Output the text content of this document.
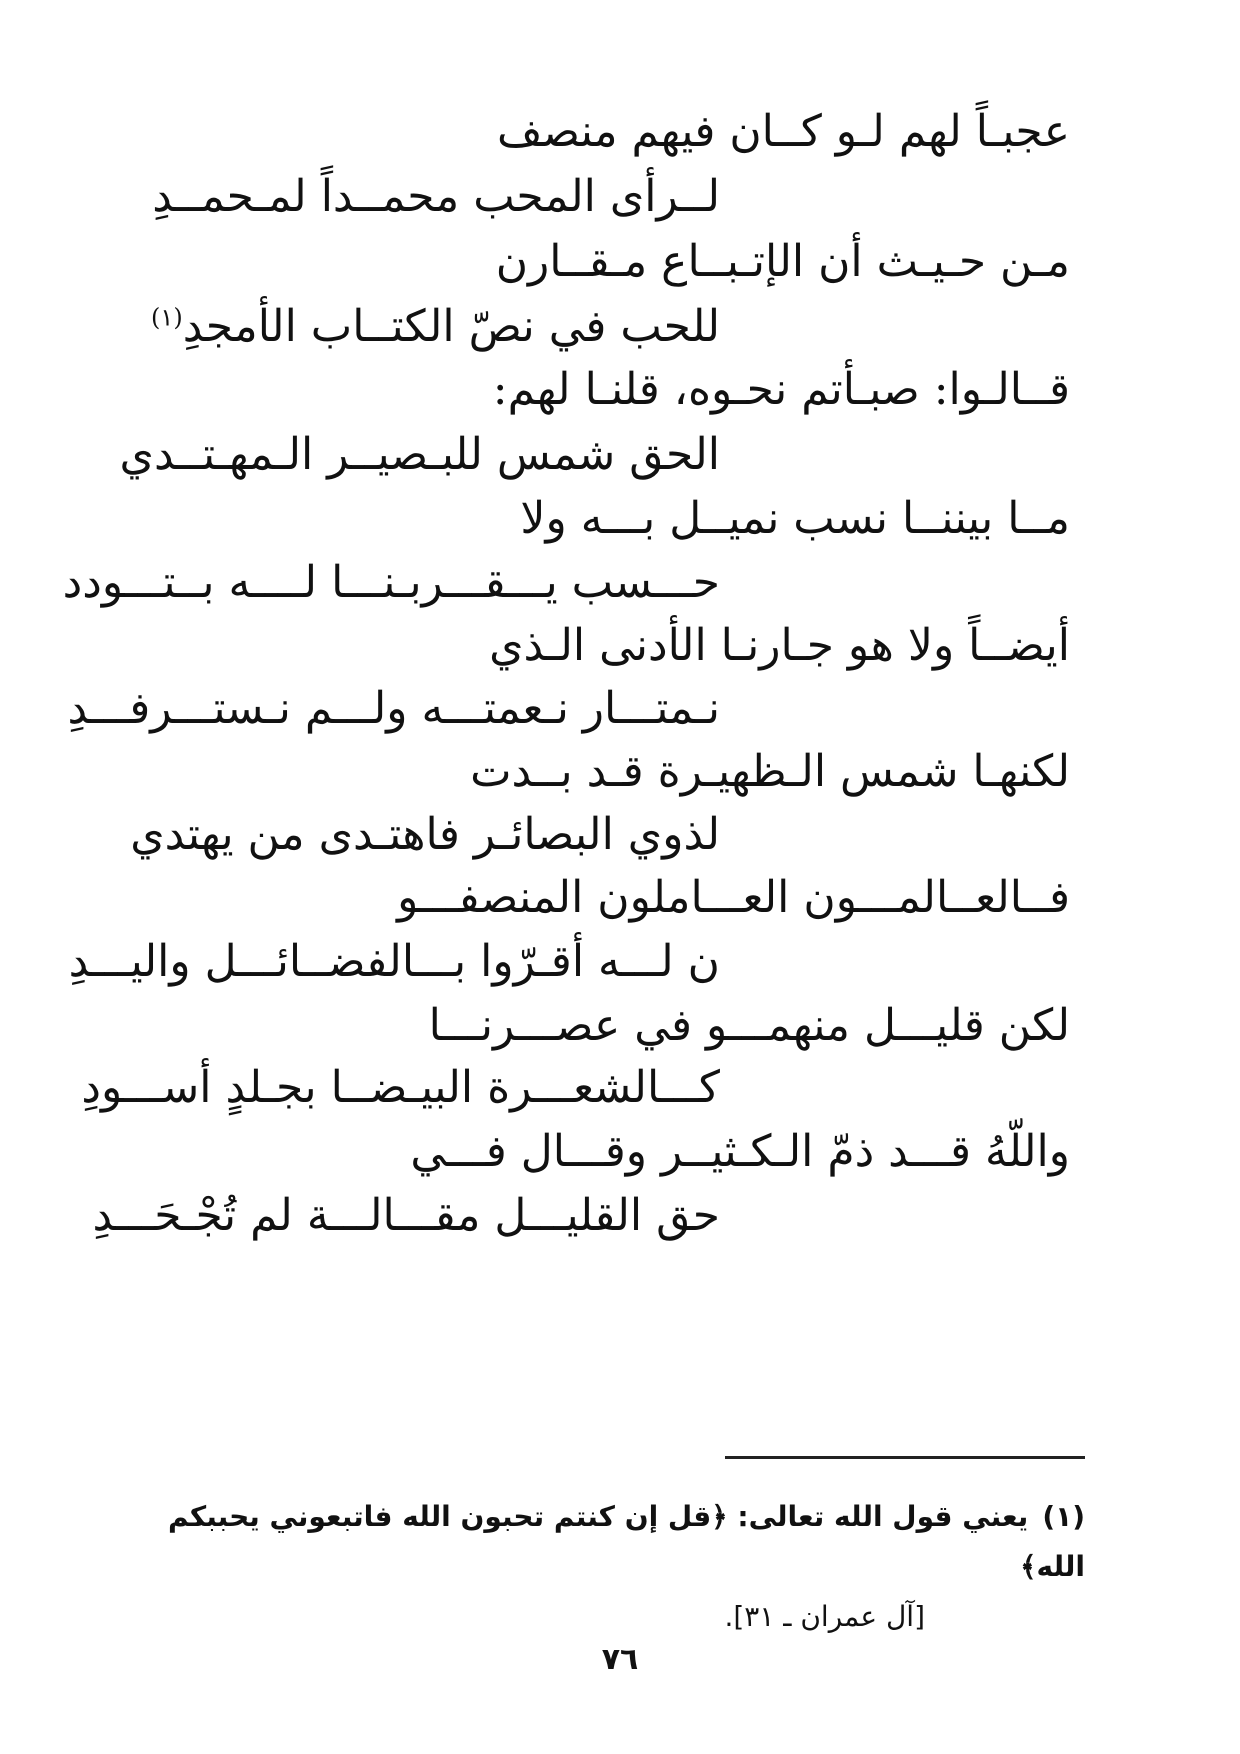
عجبـاً لهم لـو كــان فيهم منصف
لــرأى المحب محمــداً لمـحمــدِ
مـن حـيـث أن الإتـبــاع مـقــارن
للحب في نصّ الكتــاب الأمجدِ$^{(١)}$
قــالـوا: صبـأتم نحـوه، قلنـا لهم:
الحق شمس للبـصيــر الـمهـتــدي
مــا بيننــا نسب نميــل بـــه ولا
حـــسب يـــقـــربـنـــا لــــه بــتـــودد
أيضــاً ولا هو جـارنـا الأدنى الـذي
نـمتـــار نـعمتـــه ولـــم نـستـــرفـــدِ
لكنهـا شمس الـظهيـرة قـد بــدت
لذوي البصائـر فاهتـدى من يهتدي
فــالعــالمـــون العـــاملون المنصفـــو
ن لـــه أقـرّوا بـــالفضــائـــل واليـــدِ
لكن قليـــل منهمـــو في عصـــرنـــا
كـــالشعـــرة البيـضــا بجـلدٍ أســـودِ
واللّهُ قـــد ذمّ الـكـثيــر وقـــال فـــي
حق القليـــل مقـــالـــة لم تُجْـحَـــدِ
(١)يعني قول الله تعالى: ﴿قل إن كنتم تحبون الله فاتبعوني يحببكم الله﴾
[آل عمران ـ ٣١].
٧٦
